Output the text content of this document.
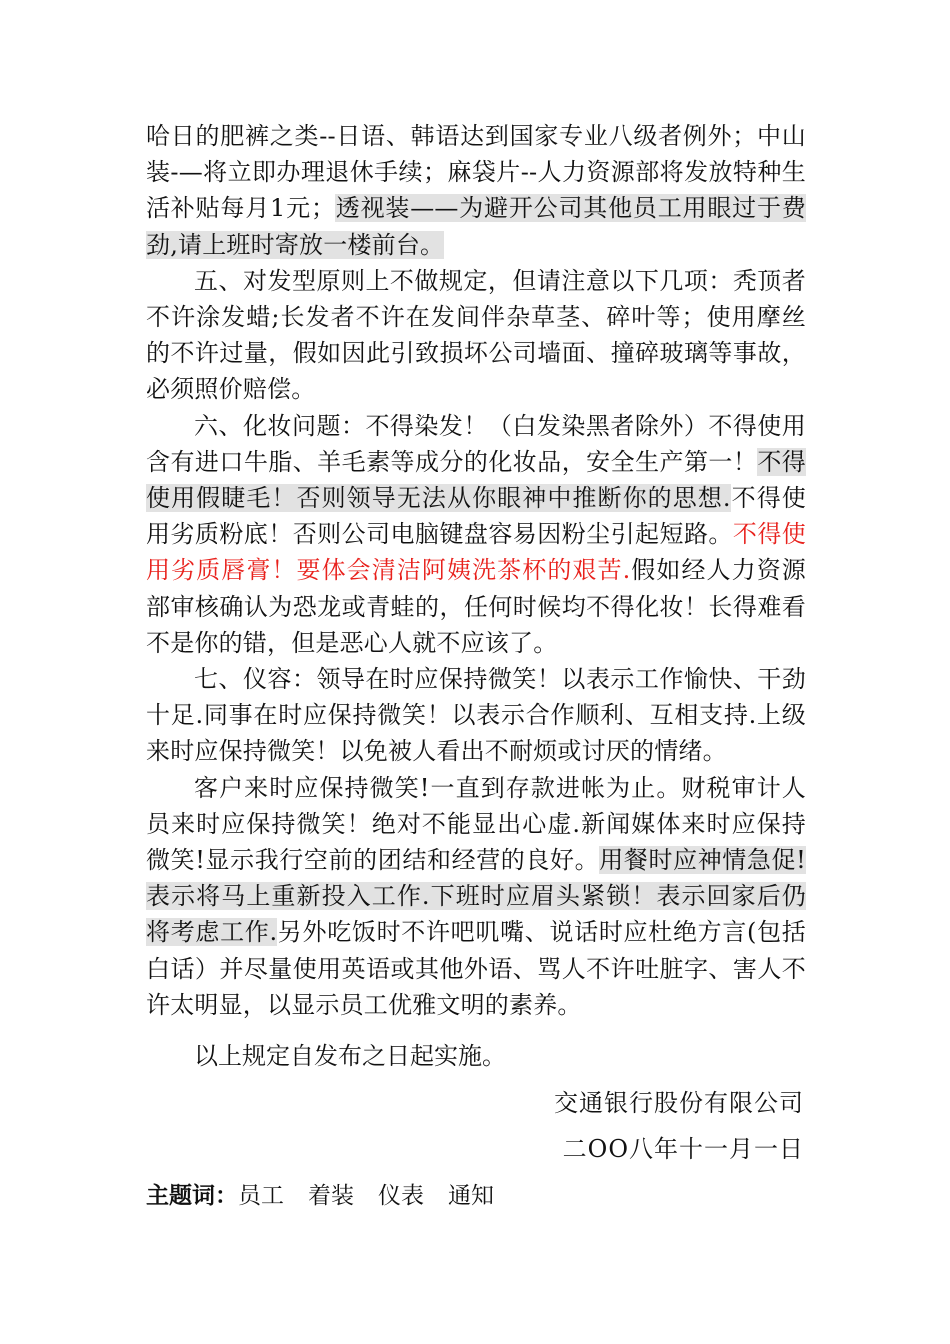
哈日的肥裤之类--日语、韩语达到国家专业八级者例外；中山装-—将立即办理退休手续；麻袋片--人力资源部将发放特种生活补贴每月1元；透视装——为避开公司其他员工用眼过于费劲,请上班时寄放一楼前台。

五、对发型原则上不做规定，但请注意以下几项：秃顶者不许涂发蜡;长发者不许在发间伴杂草茎、碎叶等；使用摩丝的不许过量，假如因此引致损坏公司墙面、撞碎玻璃等事故，必须照价赔偿。

六、化妆问题：不得染发！（白发染黑者除外）不得使用含有进口牛脂、羊毛素等成分的化妆品，安全生产第一！不得使用假睫毛！否则领导无法从你眼神中推断你的思想.不得使用劣质粉底！否则公司电脑键盘容易因粉尘引起短路。不得使用劣质唇膏！要体会清洁阿姨洗茶杯的艰苦.假如经人力资源部审核确认为恐龙或青蛙的，任何时候均不得化妆！长得难看不是你的错，但是恶心人就不应该了。

七、仪容：领导在时应保持微笑！以表示工作愉快、干劲十足.同事在时应保持微笑！以表示合作顺利、互相支持.上级来时应保持微笑！以免被人看出不耐烦或讨厌的情绪。

客户来时应保持微笑!一直到存款进帐为止。财税审计人员来时应保持微笑！绝对不能显出心虚.新闻媒体来时应保持微笑!显示我行空前的团结和经营的良好。用餐时应神情急促!表示将马上重新投入工作.下班时应眉头紧锁！表示回家后仍将考虑工作.另外吃饭时不许吧叽嘴、说话时应杜绝方言(包括白话）并尽量使用英语或其他外语、骂人不许吐脏字、害人不许太明显，以显示员工优雅文明的素养。

以上规定自发布之日起实施。
交通银行股份有限公司
二OO八年十一月一日
主题词：员工 着装 仪表 通知
